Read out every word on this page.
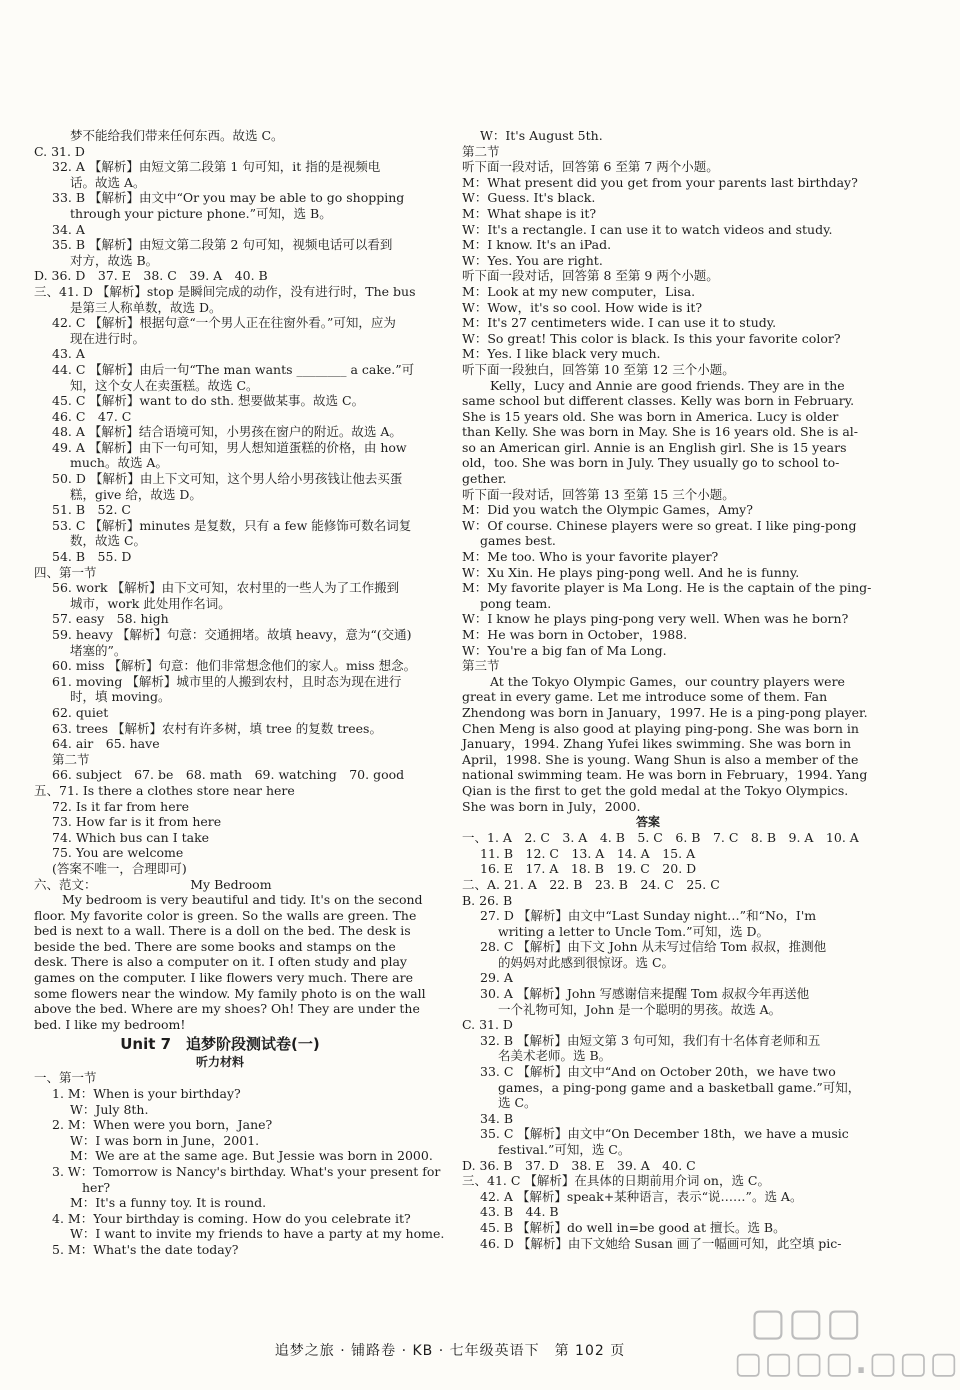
梦不能给我们带来任何东西。故选 C。
C. 31. D
32. A 【解析】由短文第二段第 1 句可知，it 指的是视频电
话。故选 A。
33. B 【解析】由文中“Or you may be able to go shopping
through your picture phone.”可知，选 B。
34. A
35. B 【解析】由短文第二段第 2 句可知，视频电话可以看到
对方，故选 B。
D. 36. D　37. E　38. C　39. A　40. B
三、41. D 【解析】stop 是瞬间完成的动作，没有进行时，The bus
是第三人称单数，故选 D。
42. C 【解析】根据句意“一个男人正在往窗外看。”可知，应为
现在进行时。
43. A
44. C 【解析】由后一句“The man wants ________ a cake.”可
知，这个女人在卖蛋糕。故选 C。
45. C 【解析】want to do sth. 想要做某事。故选 C。
46. C　47. C
48. A 【解析】结合语境可知，小男孩在窗户的附近。故选 A。
49. A 【解析】由下一句可知，男人想知道蛋糕的价格，由 how
much。故选 A。
50. D 【解析】由上下文可知，这个男人给小男孩钱让他去买蛋
糕，give 给，故选 D。
51. B　52. C
53. C 【解析】minutes 是复数，只有 a few 能修饰可数名词复
数，故选 C。
54. B　55. D
四、第一节
56. work 【解析】由下文可知，农村里的一些人为了工作搬到
城市，work 此处用作名词。
57. easy　58. high
59. heavy 【解析】句意：交通拥堵。故填 heavy，意为“(交通)
堵塞的”。
60. miss 【解析】句意：他们非常想念他们的家人。miss 想念。
61. moving 【解析】城市里的人搬到农村，且时态为现在进行
时，填 moving。
62. quiet
63. trees 【解析】农村有许多树，填 tree 的复数 trees。
64. air　65. have
第二节
66. subject　67. be　68. math　69. watching　70. good
五、71. Is there a clothes store near here
72. Is it far from here
73. How far is it from here
74. Which bus can I take
75. You are welcome
(答案不唯一，合理即可)
六、范文：　　　　　　　　My Bedroom
My bedroom is very beautiful and tidy. It's on the second
floor. My favorite color is green. So the walls are green. The
bed is next to a wall. There is a doll on the bed. The desk is
beside the bed. There are some books and stamps on the
desk. There is also a computer on it. I often study and play
games on the computer. I like flowers very much. There are
some flowers near the window. My family photo is on the wall
above the bed. Where are my shoes? Oh! They are under the
bed. I like my bedroom!
Unit 7　追梦阶段测试卷(一)
听力材料
一、第一节
1. M：When is your birthday?
W：July 8th.
2. M：When were you born，Jane?
W：I was born in June，2001.
M：We are at the same age. But Jessie was born in 2000.
3. W：Tomorrow is Nancy's birthday. What's your present for
her?
M：It's a funny toy. It is round.
4. M：Your birthday is coming. How do you celebrate it?
W：I want to invite my friends to have a party at my home.
5. M：What's the date today?
W：It's August 5th.
第二节
听下面一段对话，回答第 6 至第 7 两个小题。
M：What present did you get from your parents last birthday?
W：Guess. It's black.
M：What shape is it?
W：It's a rectangle. I can use it to watch videos and study.
M：I know. It's an iPad.
W：Yes. You are right.
听下面一段对话，回答第 8 至第 9 两个小题。
M：Look at my new computer，Lisa.
W：Wow，it's so cool. How wide is it?
M：It's 27 centimeters wide. I can use it to study.
W：So great! This color is black. Is this your favorite color?
M：Yes. I like black very much.
听下面一段独白，回答第 10 至第 12 三个小题。
Kelly，Lucy and Annie are good friends. They are in the
same school but different classes. Kelly was born in February.
She is 15 years old. She was born in America. Lucy is older
than Kelly. She was born in May. She is 16 years old. She is al-
so an American girl. Annie is an English girl. She is 15 years
old，too. She was born in July. They usually go to school to-
gether.
听下面一段对话，回答第 13 至第 15 三个小题。
M：Did you watch the Olympic Games，Amy?
W：Of course. Chinese players were so great. I like ping-pong
games best.
M：Me too. Who is your favorite player?
W：Xu Xin. He plays ping-pong well. And he is funny.
M：My favorite player is Ma Long. He is the captain of the ping-
pong team.
W：I know he plays ping-pong very well. When was he born?
M：He was born in October，1988.
W：You're a big fan of Ma Long.
第三节
At the Tokyo Olympic Games，our country players were
great in every game. Let me introduce some of them. Fan
Zhendong was born in January，1997. He is a ping-pong player.
Chen Meng is also good at playing ping-pong. She was born in
January，1994. Zhang Yufei likes swimming. She was born in
April，1998. She is young. Wang Shun is also a member of the
national swimming team. He was born in February，1994. Yang
Qian is the first to get the gold medal at the Tokyo Olympics.
She was born in July，2000.
答案
一、1. A　2. C　3. A　4. B　5. C　6. B　7. C　8. B　9. A　10. A
11. B　12. C　13. A　14. A　15. A
16. E　17. A　18. B　19. C　20. D
二、A. 21. A　22. B　23. B　24. C　25. C
B. 26. B
27. D 【解析】由文中“Last Sunday night…”和“No，I'm
writing a letter to Uncle Tom.”可知，选 D。
28. C 【解析】由下文 John 从未写过信给 Tom 叔叔，推测他
的妈妈对此感到很惊讶。选 C。
29. A
30. A 【解析】John 写感谢信来提醒 Tom 叔叔今年再送他
一个礼物可知，John 是一个聪明的男孩。故选 A。
C. 31. D
32. B 【解析】由短文第 3 句可知，我们有十名体育老师和五
名美术老师。选 B。
33. C 【解析】由文中“And on October 20th，we have two
games，a ping-pong game and a basketball game.”可知，
选 C。
34. B
35. C 【解析】由文中“On December 18th，we have a music
festival.”可知，选 C。
D. 36. B　37. D　38. E　39. A　40. C
三、41. C 【解析】在具体的日期前用介词 on，选 C。
42. A 【解析】speak+某种语言，表示“说……”。选 A。
43. B　44. B
45. B 【解析】do well in=be good at 擅长。选 B。
46. D 【解析】由下文她给 Susan 画了一幅画可知，此空填 pic-
追梦之旅 · 铺路卷 · KB · 七年级英语下　第 102 页
▢▢▢
▢▢▢▢.▢▢▢
